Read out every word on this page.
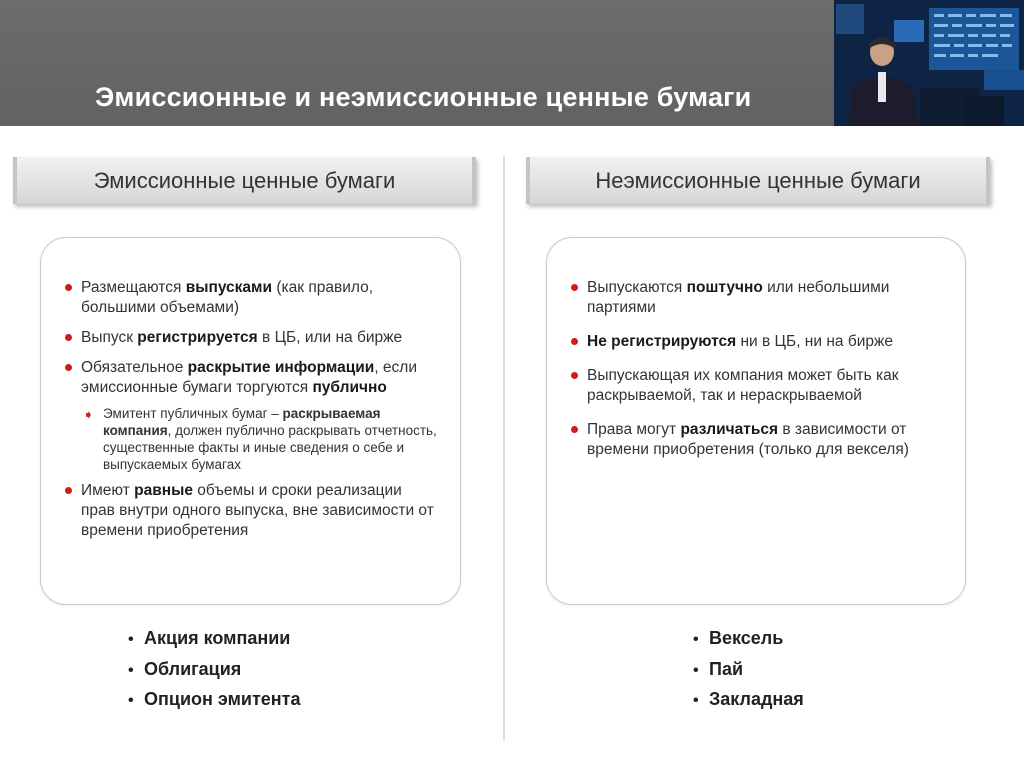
Эмиссионные и неэмиссионные ценные бумаги
Эмиссионные ценные бумаги	Неэмиссионные ценные бумаги
Размещаются выпусками (как правило, большими объемами)
Выпуск регистрируется в ЦБ, или на бирже
Обязательное раскрытие информации, если эмиссионные бумаги торгуются публично
➧ Эмитент публичных бумаг – раскрываемая компания, должен публично раскрывать отчетность, существенные факты и иные сведения о себе и выпускаемых бумагах
Имеют равные объемы и сроки реализации прав внутри одного выпуска, вне зависимости от времени приобретения
Выпускаются поштучно или небольшими партиями
Не регистрируются ни в ЦБ, ни на бирже
Выпускающая их компания может быть как раскрываемой, так и нераскрываемой
Права могут различаться в зависимости от времени приобретения (только для векселя)
• Акция компании
• Облигация
• Опцион эмитента
• Вексель
• Пай
• Закладная
